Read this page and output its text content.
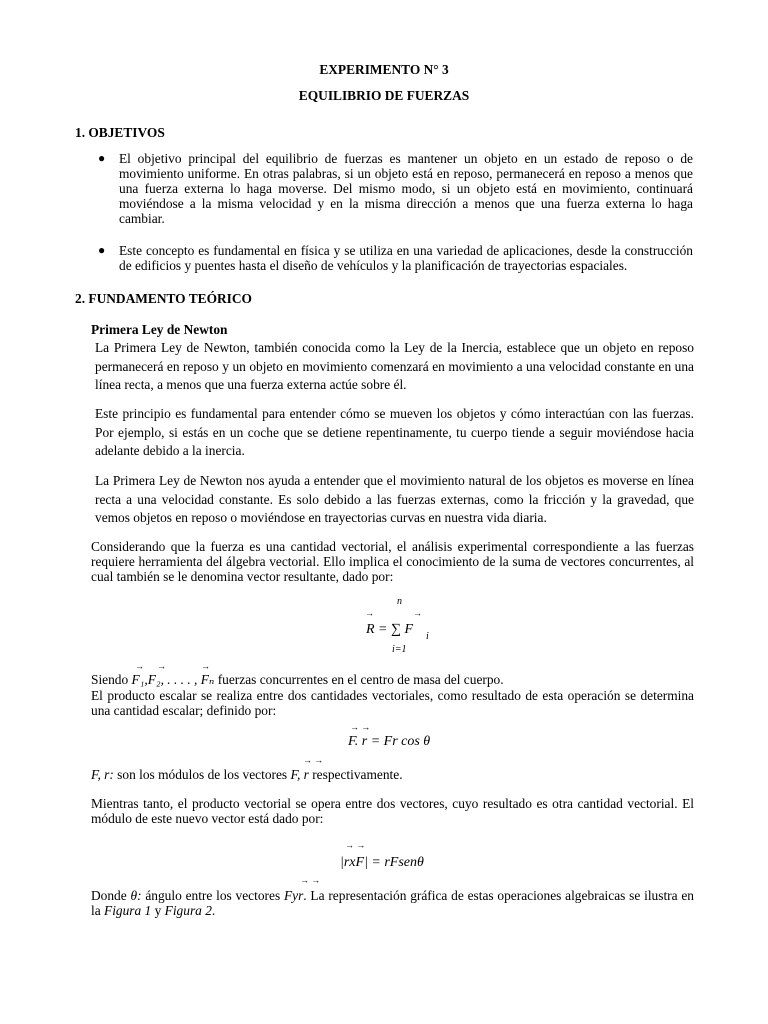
EXPERIMENTO N° 3
EQUILIBRIO DE FUERZAS
1. OBJETIVOS
● El objetivo principal del equilibrio de fuerzas es mantener un objeto en un estado de reposo o de movimiento uniforme. En otras palabras, si un objeto está en reposo, permanecerá en reposo a menos que una fuerza externa lo haga moverse. Del mismo modo, si un objeto está en movimiento, continuará moviéndose a la misma velocidad y en la misma dirección a menos que una fuerza externa lo haga cambiar.
● Este concepto es fundamental en física y se utiliza en una variedad de aplicaciones, desde la construcción de edificios y puentes hasta el diseño de vehículos y la planificación de trayectorias espaciales.
2. FUNDAMENTO TEÓRICO
Primera Ley de Newton
La Primera Ley de Newton, también conocida como la Ley de la Inercia, establece que un objeto en reposo permanecerá en reposo y un objeto en movimiento comenzará en movimiento a una velocidad constante en una línea recta, a menos que una fuerza externa actúe sobre él.
Este principio es fundamental para entender cómo se mueven los objetos y cómo interactúan con las fuerzas. Por ejemplo, si estás en un coche que se detiene repentinamente, tu cuerpo tiende a seguir moviéndose hacia adelante debido a la inercia.
La Primera Ley de Newton nos ayuda a entender que el movimiento natural de los objetos es moverse en línea recta a una velocidad constante. Es solo debido a las fuerzas externas, como la fricción y la gravedad, que vemos objetos en reposo o moviéndose en trayectorias curvas en nuestra vida diaria.
Considerando que la fuerza es una cantidad vectorial, el análisis experimental correspondiente a las fuerzas requiere herramienta del álgebra vectorial. Ello implica el conocimiento de la suma de vectores concurrentes, al cual también se le denomina vector resultante, dado por:
n
→	→
R = ∑ F i
i=1
→ →	→
Siendo F₁,F₂, . . . . , Fₙ fuerzas concurrentes en el centro de masa del cuerpo.
El producto escalar se realiza entre dos cantidades vectoriales, como resultado de esta operación se determina una cantidad escalar; definido por:
→ →
F. r = Fr cos θ
→ →
F, r: son los módulos de los vectores F, r respectivamente.
Mientras tanto, el producto vectorial se opera entre dos vectores, cuyo resultado es otra cantidad vectorial. El módulo de este nuevo vector está dado por:
→ →
|rxF| = rFsenθ
→ →
Donde θ: ángulo entre los vectores Fyr. La representación gráfica de estas operaciones algebraicas se ilustra en la Figura 1 y Figura 2.
